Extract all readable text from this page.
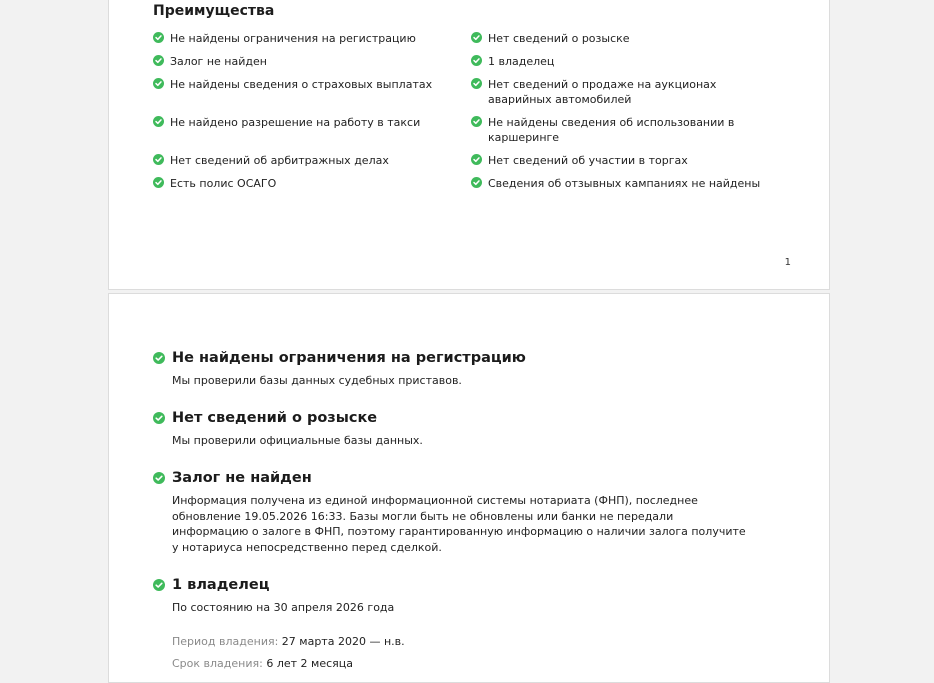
Преимущества
Не найдены ограничения на регистрацию
Залог не найден
Не найдены сведения о страховых выплатах
Не найдено разрешение на работу в такси
Нет сведений об арбитражных делах
Есть полис ОСАГО
Нет сведений о розыске
1 владелец
Нет сведений о продаже на аукционах аварийных автомобилей
Не найдены сведения об использовании в каршеринге
Нет сведений об участии в торгах
Сведения об отзывных кампаниях не найдены
1
Не найдены ограничения на регистрацию
Мы проверили базы данных судебных приставов.
Нет сведений о розыске
Мы проверили официальные базы данных.
Залог не найден
Информация получена из единой информационной системы нотариата (ФНП), последнее обновление 19.05.2026 16:33. Базы могли быть не обновлены или банки не передали информацию о залоге в ФНП, поэтому гарантированную информацию о наличии залога получите у нотариуса непосредственно перед сделкой.
1 владелец
По состоянию на 30 апреля 2026 года
Период владения: 27 марта 2020 — н.в.
Срок владения: 6 лет 2 месяца
